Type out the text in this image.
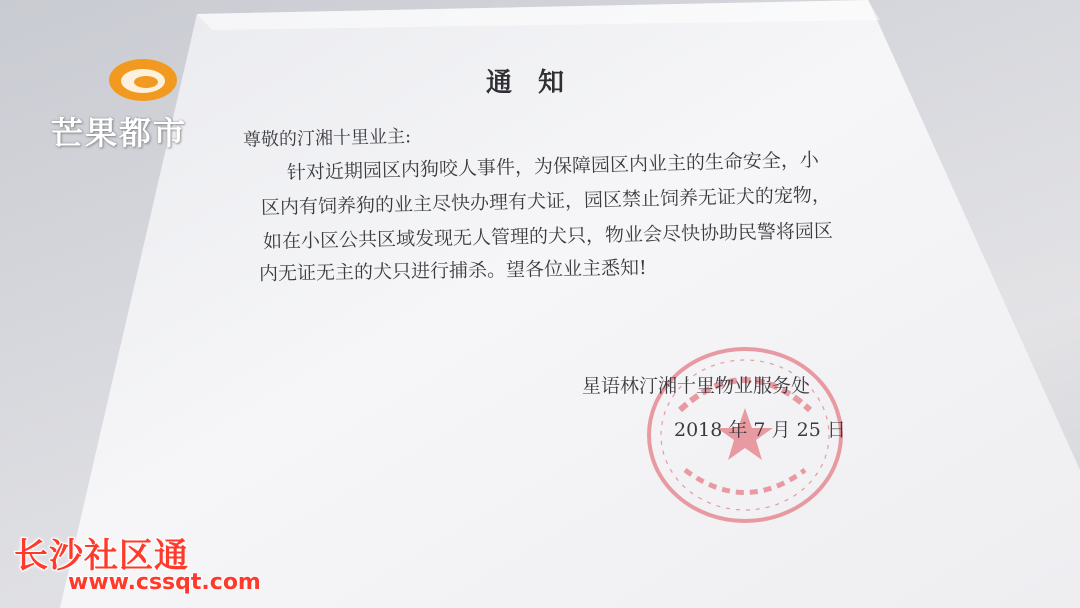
通知
尊敬的汀湘十里业主:
针对近期园区内狗咬人事件，为保障园区内业主的生命安全，小
区内有饲养狗的业主尽快办理有犬证，园区禁止饲养无证犬的宠物，
如在小区公共区域发现无人管理的犬只，物业会尽快协助民警将园区
内无证无主的犬只进行捕杀。望各位业主悉知!
星语林汀湘十里物业服务处
2018 年 7 月 25 日
芒果都市
长沙社区通
www.cssqt.com
